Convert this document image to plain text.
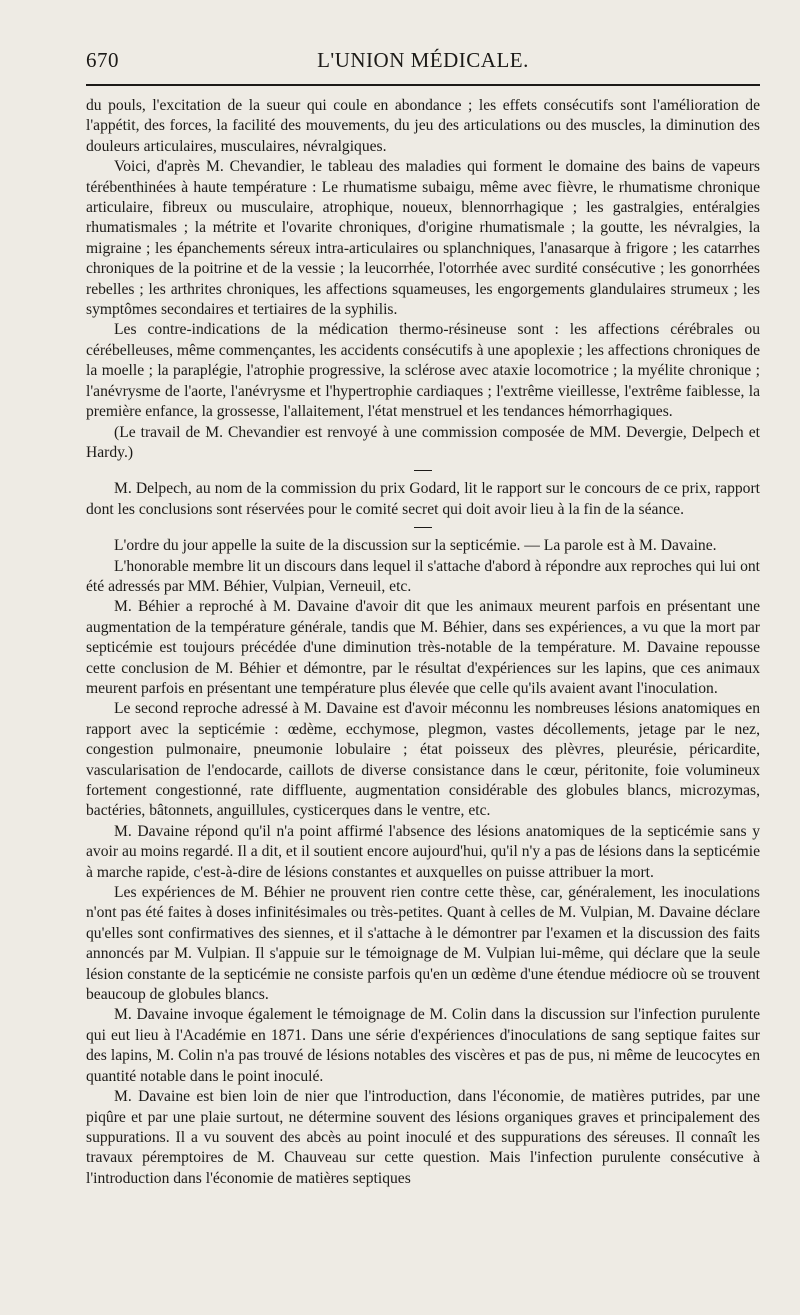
670	L'UNION MÉDICALE.

du pouls, l'excitation de la sueur qui coule en abondance ; les effets consécutifs sont l'amélioration de l'appétit, des forces, la facilité des mouvements, du jeu des articulations ou des muscles, la diminution des douleurs articulaires, musculaires, névralgiques.

Voici, d'après M. Chevandier, le tableau des maladies qui forment le domaine des bains de vapeurs térébenthinées à haute température : Le rhumatisme subaigu, même avec fièvre, le rhumatisme chronique articulaire, fibreux ou musculaire, atrophique, noueux, blennorrhagique ; les gastralgies, entéralgies rhumatismales ; la métrite et l'ovarite chroniques, d'origine rhumatismale ; la goutte, les névralgies, la migraine ; les épanchements séreux intra-articulaires ou splanchniques, l'anasarque à frigore ; les catarrhes chroniques de la poitrine et de la vessie ; la leucorrhée, l'otorrhée avec surdité consécutive ; les gonorrhées rebelles ; les arthrites chroniques, les affections squameuses, les engorgements glandulaires strumeux ; les symptômes secondaires et tertiaires de la syphilis.

Les contre-indications de la médication thermo-résineuse sont : les affections cérébrales ou cérébelleuses, même commençantes, les accidents consécutifs à une apoplexie ; les affections chroniques de la moelle ; la paraplégie, l'atrophie progressive, la sclérose avec ataxie locomotrice ; la myélite chronique ; l'anévrysme de l'aorte, l'anévrysme et l'hypertrophie cardiaques ; l'extrême vieillesse, l'extrême faiblesse, la première enfance, la grossesse, l'allaitement, l'état menstruel et les tendances hémorrhagiques.

(Le travail de M. Chevandier est renvoyé à une commission composée de MM. Devergie, Delpech et Hardy.)

M. Delpech, au nom de la commission du prix Godard, lit le rapport sur le concours de ce prix, rapport dont les conclusions sont réservées pour le comité secret qui doit avoir lieu à la fin de la séance.

L'ordre du jour appelle la suite de la discussion sur la septicémie. — La parole est à M. Davaine.

L'honorable membre lit un discours dans lequel il s'attache d'abord à répondre aux reproches qui lui ont été adressés par MM. Béhier, Vulpian, Verneuil, etc.

M. Béhier a reproché à M. Davaine d'avoir dit que les animaux meurent parfois en présentant une augmentation de la température générale, tandis que M. Béhier, dans ses expériences, a vu que la mort par septicémie est toujours précédée d'une diminution très-notable de la température. M. Davaine repousse cette conclusion de M. Béhier et démontre, par le résultat d'expériences sur les lapins, que ces animaux meurent parfois en présentant une température plus élevée que celle qu'ils avaient avant l'inoculation.

Le second reproche adressé à M. Davaine est d'avoir méconnu les nombreuses lésions anatomiques en rapport avec la septicémie : œdème, ecchymose, plegmon, vastes décollements, jetage par le nez, congestion pulmonaire, pneumonie lobulaire ; état poisseux des plèvres, pleurésie, péricardite, vascularisation de l'endocarde, caillots de diverse consistance dans le cœur, péritonite, foie volumineux fortement congestionné, rate diffluente, augmentation considérable des globules blancs, microzymas, bactéries, bâtonnets, anguillules, cysticerques dans le ventre, etc.

M. Davaine répond qu'il n'a point affirmé l'absence des lésions anatomiques de la septicémie sans y avoir au moins regardé. Il a dit, et il soutient encore aujourd'hui, qu'il n'y a pas de lésions dans la septicémie à marche rapide, c'est-à-dire de lésions constantes et auxquelles on puisse attribuer la mort.

Les expériences de M. Béhier ne prouvent rien contre cette thèse, car, généralement, les inoculations n'ont pas été faites à doses infinitésimales ou très-petites. Quant à celles de M. Vulpian, M. Davaine déclare qu'elles sont confirmatives des siennes, et il s'attache à le démontrer par l'examen et la discussion des faits annoncés par M. Vulpian. Il s'appuie sur le témoignage de M. Vulpian lui-même, qui déclare que la seule lésion constante de la septicémie ne consiste parfois qu'en un œdème d'une étendue médiocre où se trouvent beaucoup de globules blancs.

M. Davaine invoque également le témoignage de M. Colin dans la discussion sur l'infection purulente qui eut lieu à l'Académie en 1871. Dans une série d'expériences d'inoculations de sang septique faites sur des lapins, M. Colin n'a pas trouvé de lésions notables des viscères et pas de pus, ni même de leucocytes en quantité notable dans le point inoculé.

M. Davaine est bien loin de nier que l'introduction, dans l'économie, de matières putrides, par une piqûre et par une plaie surtout, ne détermine souvent des lésions organiques graves et principalement des suppurations. Il a vu souvent des abcès au point inoculé et des suppurations des séreuses. Il connaît les travaux péremptoires de M. Chauveau sur cette question. Mais l'infection purulente consécutive à l'introduction dans l'économie de matières septiques
